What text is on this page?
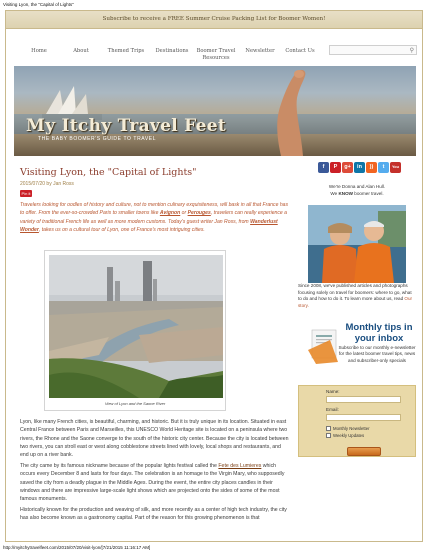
Visiting Lyon, the "Capital of Lights"
Subscribe to receive a FREE Summer Cruise Packing List for Boomer Women!
Home	About	Themed Trips	Destinations	Boomer Travel
Resources
Newsletter	Contact Us	⚲
My Itchy Travel Feet
THE BABY BOOMER'S GUIDE TO TRAVEL
Visiting Lyon, the "Capital of Lights"
2015/07/20 by Jan Ross
Pin it
Travelers looking for oodles of history and culture, not to mention culinary exquisiteness, will bask in all that France has to offer. From the ever-so-crowded Paris to smaller towns like Avignon or Perouges, travelers can really experience a variety of traditional French life as well as more modern customs. Today's guest writer Jan Ross, from Wanderlust Wonder, takes us on a cultural tour of Lyon, one of France's most intriguing cities.
View of Lyon and the Saone River
Lyon, like many French cities, is beautiful, charming, and historic. But it is truly unique in its location. Situated in east Central France between Paris and Marseilles, this UNESCO World Heritage site is located on a peninsula where two rivers, the Rhone and the Saone converge to the south of the historic city center. Because the city is located between two rivers, you can stroll east or west along cobblestone streets lined with lovely, local shops and restaurants, and end up on a river bank.
The city came by its famous nickname because of the popular lights festival called the Fete des Lumieres which occurs every December 8 and lasts for four days. The celebration is an homage to the Virgin Mary, who supposedly saved the city from a deadly plague in the Middle Ages. During the event, the entire city places candles in their windows and there are impressive large-scale light shows which are projected onto the sides of some of the most famous monuments.
Historically known for the production and weaving of silk, and more recently as a center of high tech industry, the city has also become known as a gastronomy capital. Part of the reason for this growing phenomenon is that
f	P	g+	in	))	t	You
We're Donna and Alan Hull.
We KNOW boomer travel.
Since 2008, we've published articles and photographs focusing solely on travel for boomers: where to go, what to do and how to do it. To learn more about us, read Our story.
Monthly tips in your inbox
Subscribe to our monthly e-newsletter for the latest boomer travel tips, news and subscriber-only specials
Name:
Email:
Monthly Newsletter
Weekly Updates
http://myitchytravelfeet.com/2015/07/20/visit-lyon/[7/21/2015 11:16:17 AM]
